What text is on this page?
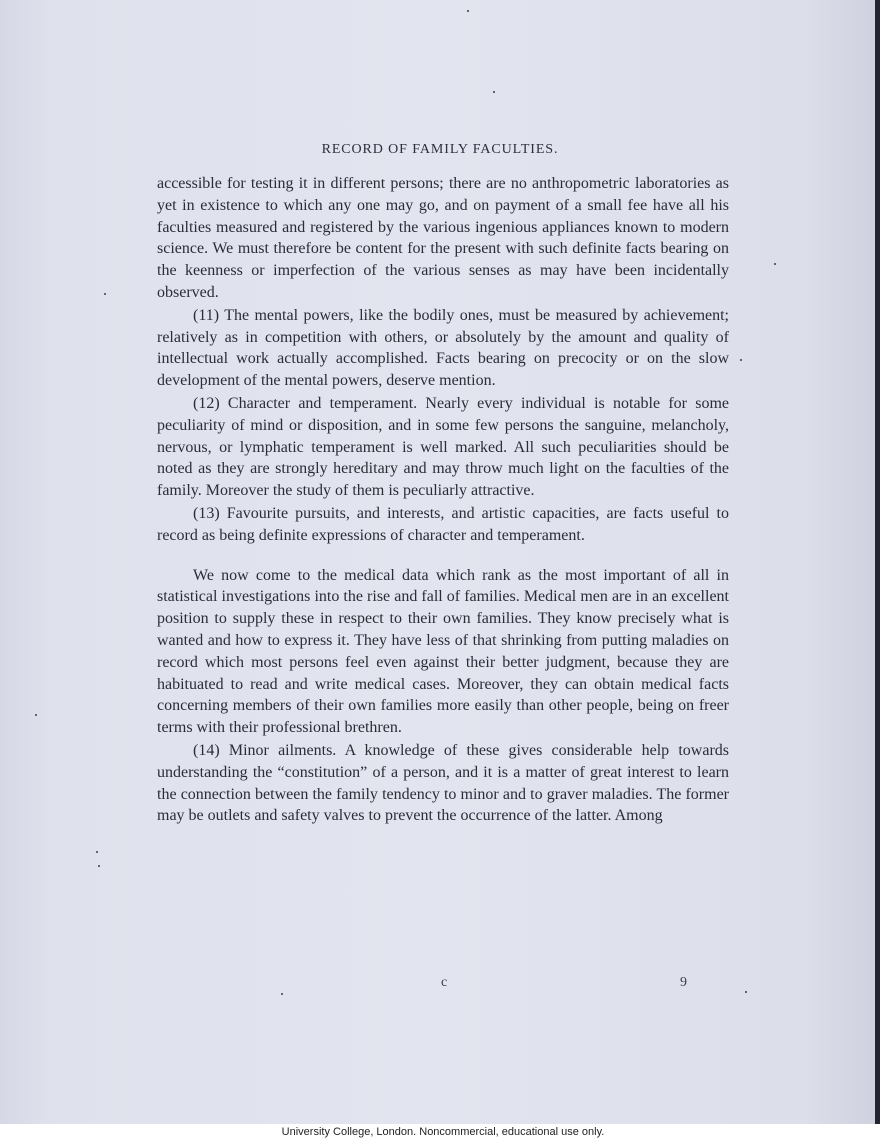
RECORD OF FAMILY FACULTIES.

accessible for testing it in different persons; there are no anthropometric laboratories as yet in existence to which any one may go, and on payment of a small fee have all his faculties measured and registered by the various ingenious appliances known to modern science. We must therefore be content for the present with such definite facts bearing on the keenness or imperfection of the various senses as may have been incidentally observed.

(11) The mental powers, like the bodily ones, must be measured by achievement; relatively as in competition with others, or absolutely by the amount and quality of intellectual work actually accomplished. Facts bearing on precocity or on the slow development of the mental powers, deserve mention.

(12) Character and temperament. Nearly every individual is notable for some peculiarity of mind or disposition, and in some few persons the sanguine, melancholy, nervous, or lymphatic temperament is well marked. All such peculiarities should be noted as they are strongly hereditary and may throw much light on the faculties of the family. Moreover the study of them is peculiarly attractive.

(13) Favourite pursuits, and interests, and artistic capacities, are facts useful to record as being definite expressions of character and temperament.

We now come to the medical data which rank as the most important of all in statistical investigations into the rise and fall of families. Medical men are in an excellent position to supply these in respect to their own families. They know precisely what is wanted and how to express it. They have less of that shrinking from putting maladies on record which most persons feel even against their better judgment, because they are habituated to read and write medical cases. Moreover, they can obtain medical facts concerning members of their own families more easily than other people, being on freer terms with their professional brethren.

(14) Minor ailments. A knowledge of these gives considerable help towards understanding the “constitution” of a person, and it is a matter of great interest to learn the connection between the family tendency to minor and to graver maladies. The former may be outlets and safety valves to prevent the occurrence of the latter. Among

c	9
University College, London. Noncommercial, educational use only.
